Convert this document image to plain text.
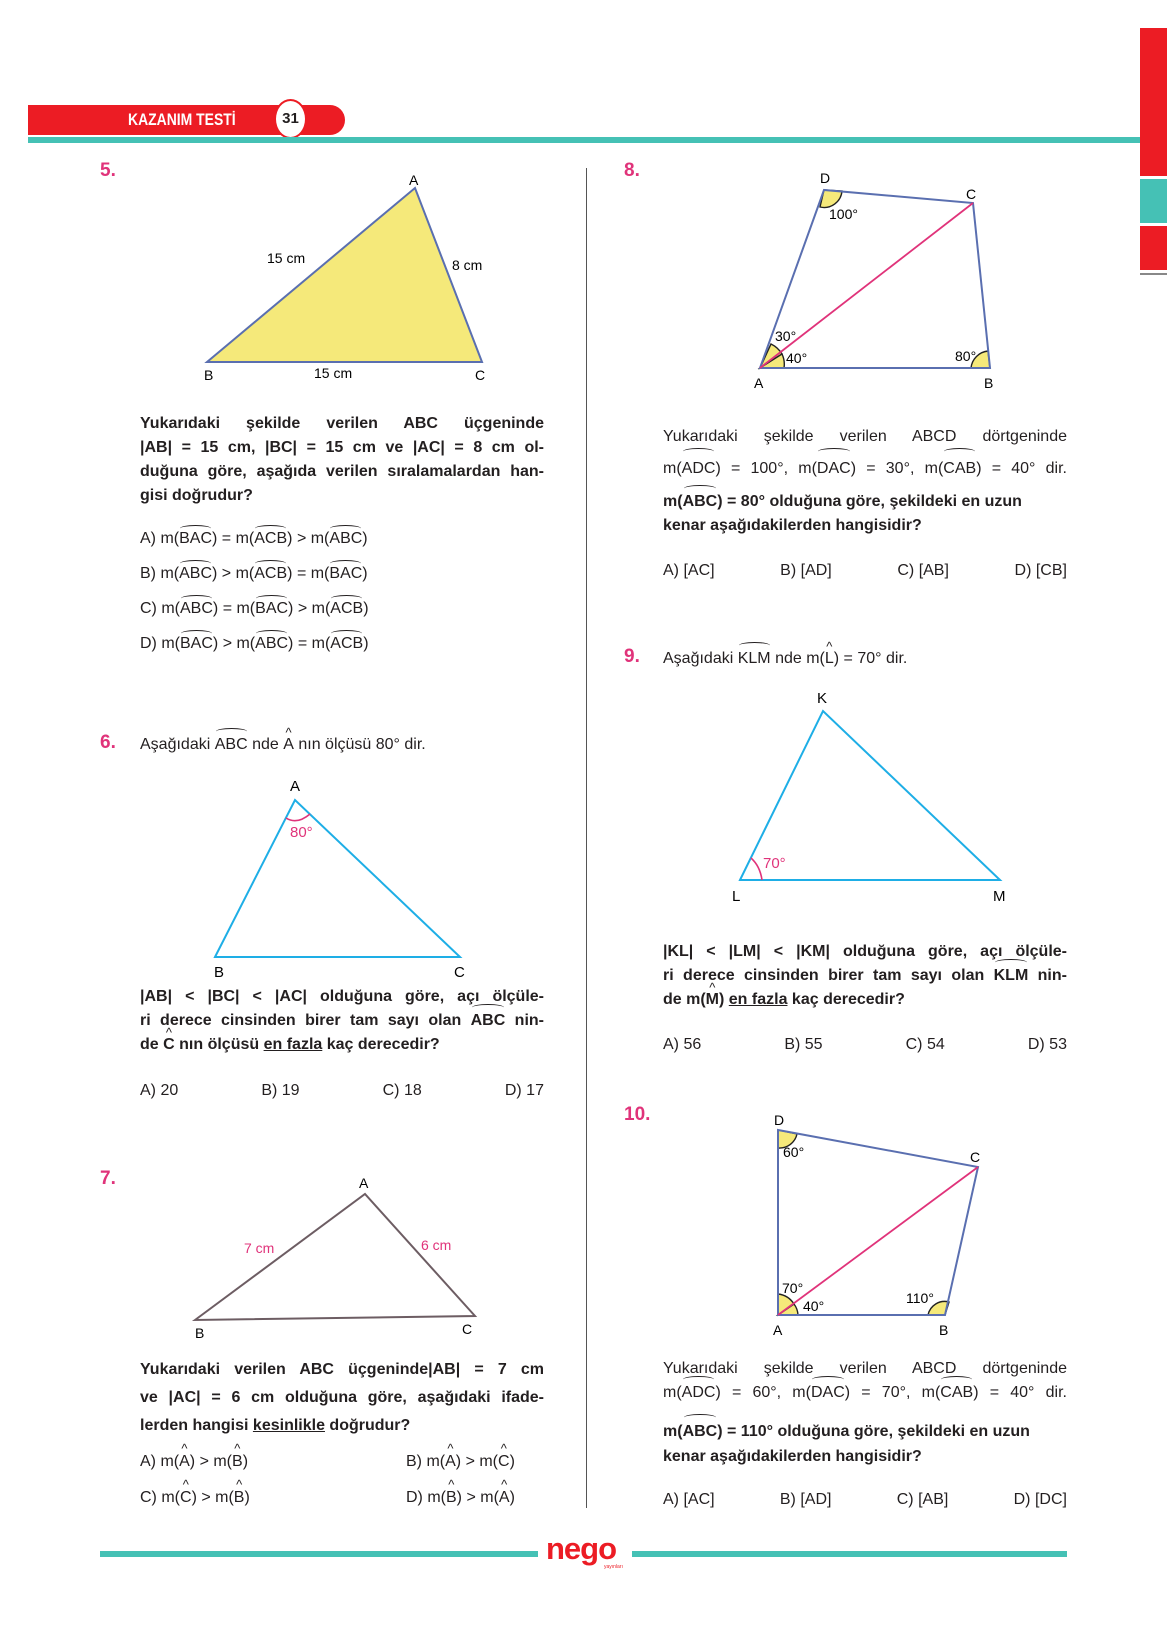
KAZANIM TESTİ	31
5.	A
B	C
15 cm	8 cm
15 cm
Yukarıdaki şekilde verilen ABC üçgeninde
|AB| = 15 cm, |BC| = 15 cm ve |AC| = 8 cm ol-
duğuna göre, aşağıda verilen sıralamalardan han-
gisi doğrudur?
A) m(BAC) = m(ACB) > m(ABC)
B) m(ABC) > m(ACB) = m(BAC)
C) m(ABC) = m(BAC) > m(ACB)
D) m(BAC) > m(ABC) = m(ACB)
6. Aşağıdaki ABC nde ^ A nın ölçüsü 80° dir.
A
B	C
80°
|AB| < |BC| < |AC| olduğuna göre, açı ölçüle-
ri derece cinsinden birer tam sayı olan ABC nin-
de ^ C nın ölçüsü en fazla kaç derecedir?
A) 20	B) 19	C) 18	D) 17
7.	A
B	C
7 cm	6 cm
Yukarıdaki verilen ABC üçgeninde|AB| = 7 cm
ve |AC| = 6 cm olduğuna göre, aşağıdaki ifade-
lerden hangisi kesinlikle doğrudur?
A) m(^ A) > m(^ B)	B) m(^ A) > m(^ C)
C) m(^ C) > m(^ B)	D) m(^ B) > m(^ A)
8.	D
C
A	B
100°
30°
40°	80°
Yukarıdaki şekilde verilen ABCD dörtgeninde
m(ADC) = 100°, m(DAC) = 30°, m(CAB) = 40° dir.
m(ABC) = 80° olduğuna göre, şekildeki en uzun
kenar aşağıdakilerden hangisidir?
A) [AC]	B) [AD]	C) [AB]	D) [CB]
9. Aşağıdaki KLM nde m(^ L) = 70° dir.
K
L	M
70°
|KL| < |LM| < |KM| olduğuna göre, açı ölçüle-
ri derece cinsinden birer tam sayı olan KLM nin-
de m(^ M) en fazla kaç derecedir?
A) 56	B) 55	C) 54	D) 53
10.	D
C
A	B
60°
70°
40°	110°
Yukarıdaki şekilde verilen ABCD dörtgeninde
m(ADC) = 60°, m(DAC) = 70°, m(CAB) = 40° dir.
m(ABC) = 110° olduğuna göre, şekildeki en uzun
kenar aşağıdakilerden hangisidir?
A) [AC]	B) [AD]	C) [AB]	D) [DC]
nego
yayınları
